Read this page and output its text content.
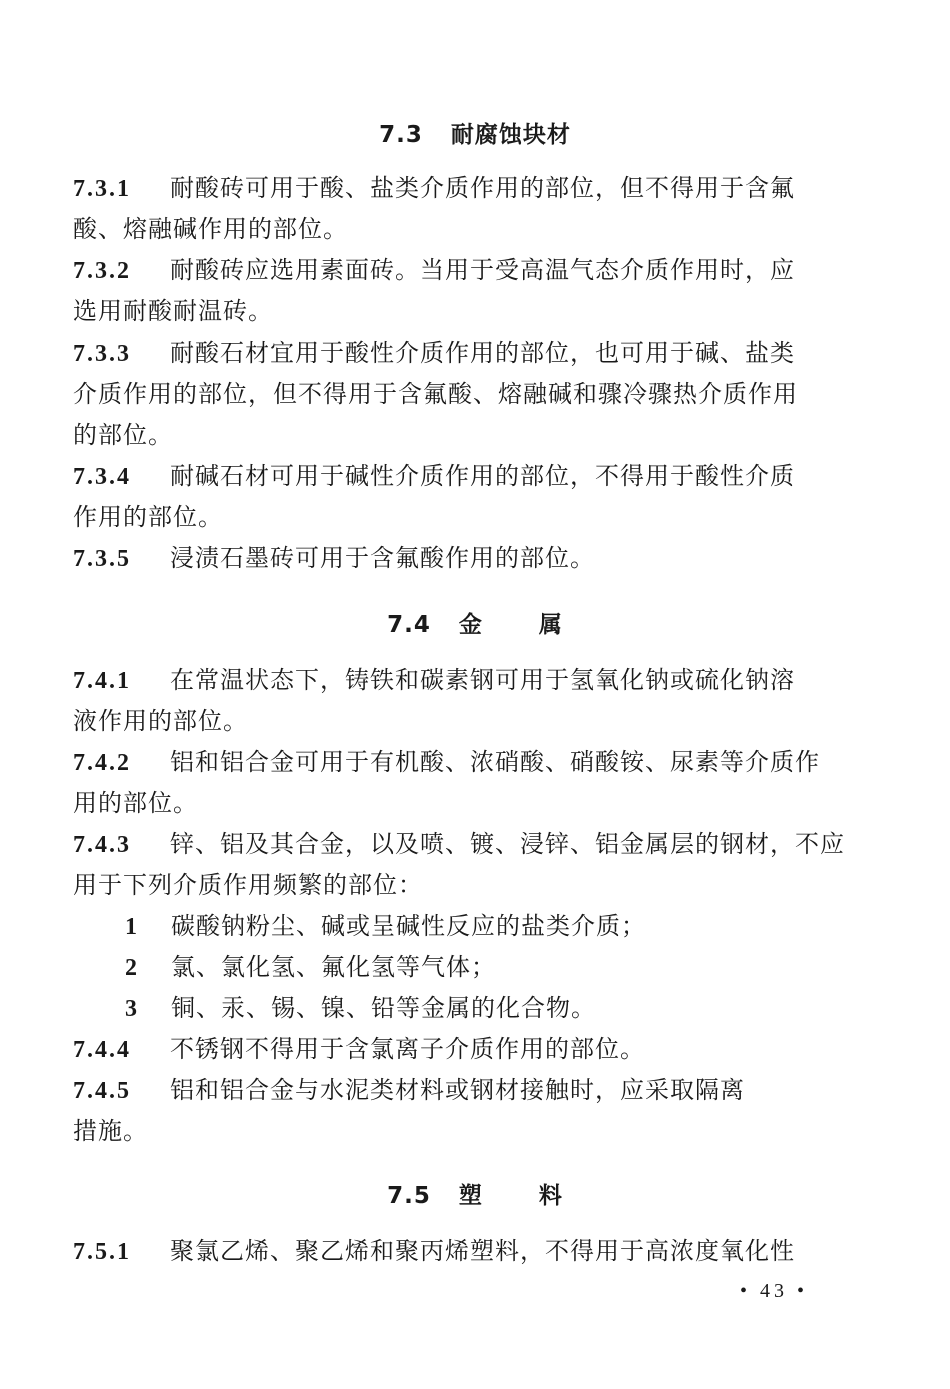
7.3 耐腐蚀块材
7.3.1 耐酸砖可用于酸、盐类介质作用的部位，但不得用于含氟
酸、熔融碱作用的部位。
7.3.2 耐酸砖应选用素面砖。当用于受高温气态介质作用时，应
选用耐酸耐温砖。
7.3.3 耐酸石材宜用于酸性介质作用的部位，也可用于碱、盐类
介质作用的部位，但不得用于含氟酸、熔融碱和骤冷骤热介质作用
的部位。
7.3.4 耐碱石材可用于碱性介质作用的部位，不得用于酸性介质
作用的部位。
7.3.5 浸渍石墨砖可用于含氟酸作用的部位。
7.4 金 属
7.4.1 在常温状态下，铸铁和碳素钢可用于氢氧化钠或硫化钠溶
液作用的部位。
7.4.2 铝和铝合金可用于有机酸、浓硝酸、硝酸铵、尿素等介质作
用的部位。
7.4.3 锌、铝及其合金，以及喷、镀、浸锌、铝金属层的钢材，不应
用于下列介质作用频繁的部位：
1 碳酸钠粉尘、碱或呈碱性反应的盐类介质；
2 氯、氯化氢、氟化氢等气体；
3 铜、汞、锡、镍、铅等金属的化合物。
7.4.4 不锈钢不得用于含氯离子介质作用的部位。
7.4.5 铝和铝合金与水泥类材料或钢材接触时，应采取隔离
措施。
7.5 塑 料
7.5.1 聚氯乙烯、聚乙烯和聚丙烯塑料，不得用于高浓度氧化性
• 43 •
